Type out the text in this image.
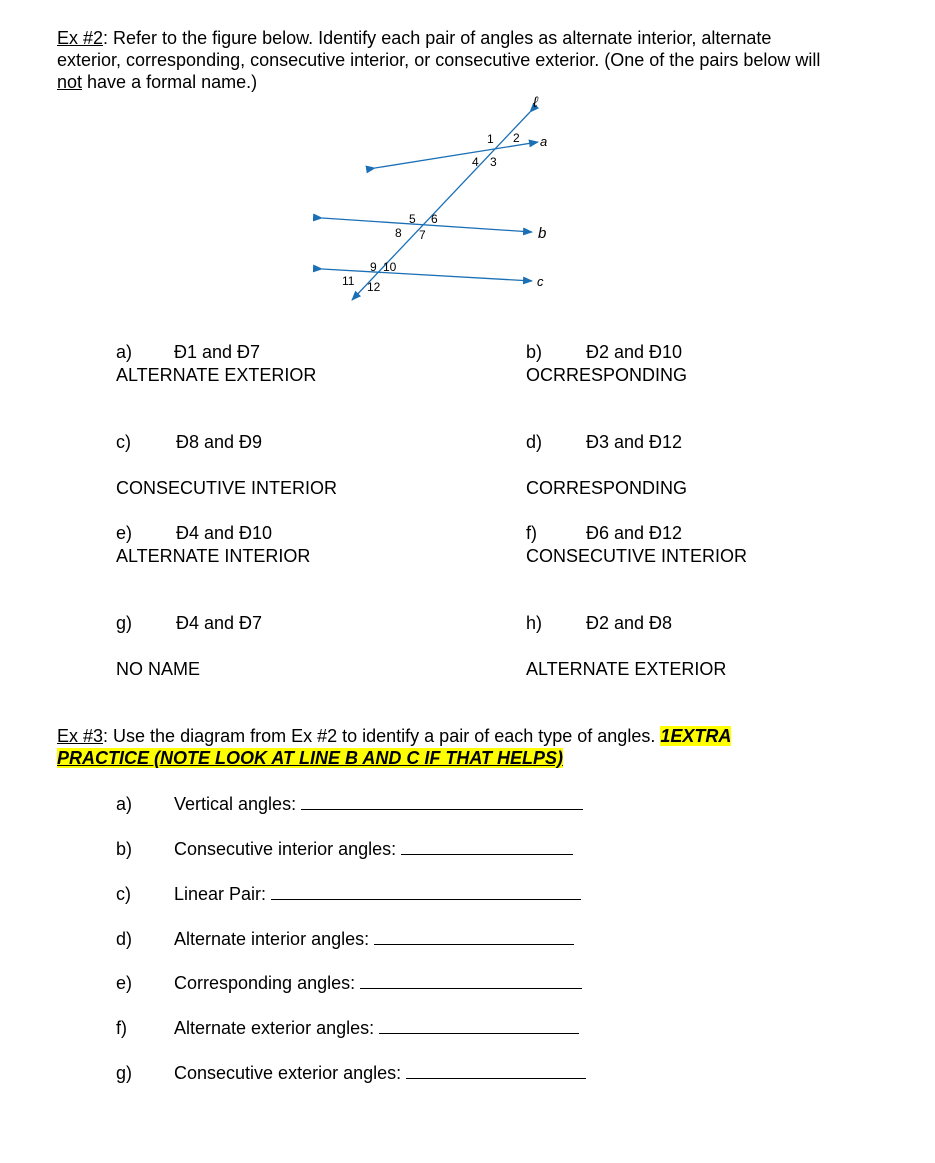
Ex #2: Refer to the figure below. Identify each pair of angles as alternate interior, alternate
exterior, corresponding, consecutive interior, or consecutive exterior. (One of the pairs below will
not have a formal name.)
ℓ
a
b
c
1 2
3
4
5 6
7
8
9 10
11 12
a) Ð1 and Ð7
ALTERNATE EXTERIOR
b) Ð2 and Ð10
OCRRESPONDING
c)	Ð8 and Ð9
CONSECUTIVE INTERIOR
d) Ð3 and Ð12
CORRESPONDING
e) Ð4 and Ð10
ALTERNATE INTERIOR
f)	Ð6 and Ð12
CONSECUTIVE INTERIOR
g) Ð4 and Ð7
NO NAME
h) Ð2 and Ð8
ALTERNATE EXTERIOR
Ex #3: Use the diagram from Ex #2 to identify a pair of each type of angles. 1EXTRA
PRACTICE (NOTE LOOK AT LINE B AND C IF THAT HELPS)
a) Vertical angles:
b) Consecutive interior angles:
c) Linear Pair:
d) Alternate interior angles:
e) Corresponding angles:
f)	Alternate exterior angles:
g) Consecutive exterior angles:
